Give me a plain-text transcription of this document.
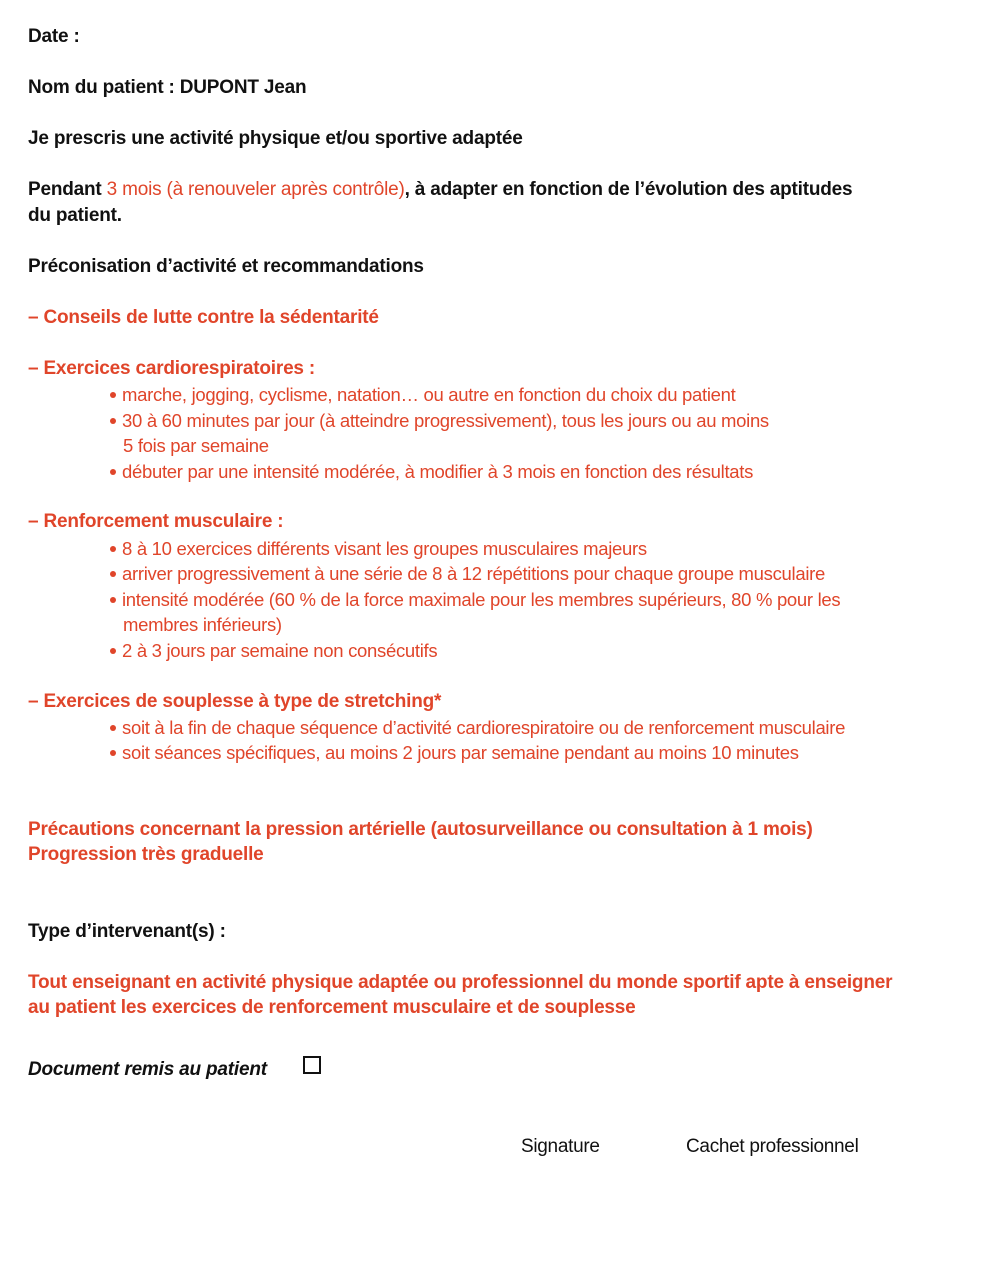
Date :
Nom du patient : DUPONT Jean
Je prescris une activité physique et/ou sportive adaptée
Pendant 3 mois (à renouveler après contrôle), à adapter en fonction de l’évolution des aptitudes
du patient.
Préconisation d’activité et recommandations
– Conseils de lutte contre la sédentarité
– Exercices cardiorespiratoires :
marche, jogging, cyclisme, natation… ou autre en fonction du choix du patient
30 à 60 minutes par jour (à atteindre progressivement), tous les jours ou au moins
5 fois par semaine
débuter par une intensité modérée, à modifier à 3 mois en fonction des résultats
– Renforcement musculaire :
8 à 10 exercices différents visant les groupes musculaires majeurs
arriver progressivement à une série de 8 à 12 répétitions pour chaque groupe musculaire
intensité modérée (60 % de la force maximale pour les membres supérieurs, 80 % pour les
membres inférieurs)
2 à 3 jours par semaine non consécutifs
– Exercices de souplesse à type de stretching*
soit à la fin de chaque séquence d’activité cardiorespiratoire ou de renforcement musculaire
soit séances spécifiques, au moins 2 jours par semaine pendant au moins 10 minutes
Précautions concernant la pression artérielle (autosurveillance ou consultation à 1 mois)
Progression très graduelle
Type d’intervenant(s) :
Tout enseignant en activité physique adaptée ou professionnel du monde sportif apte à enseigner
au patient les exercices de renforcement musculaire et de souplesse
Document remis au patient
Signature	Cachet professionnel
